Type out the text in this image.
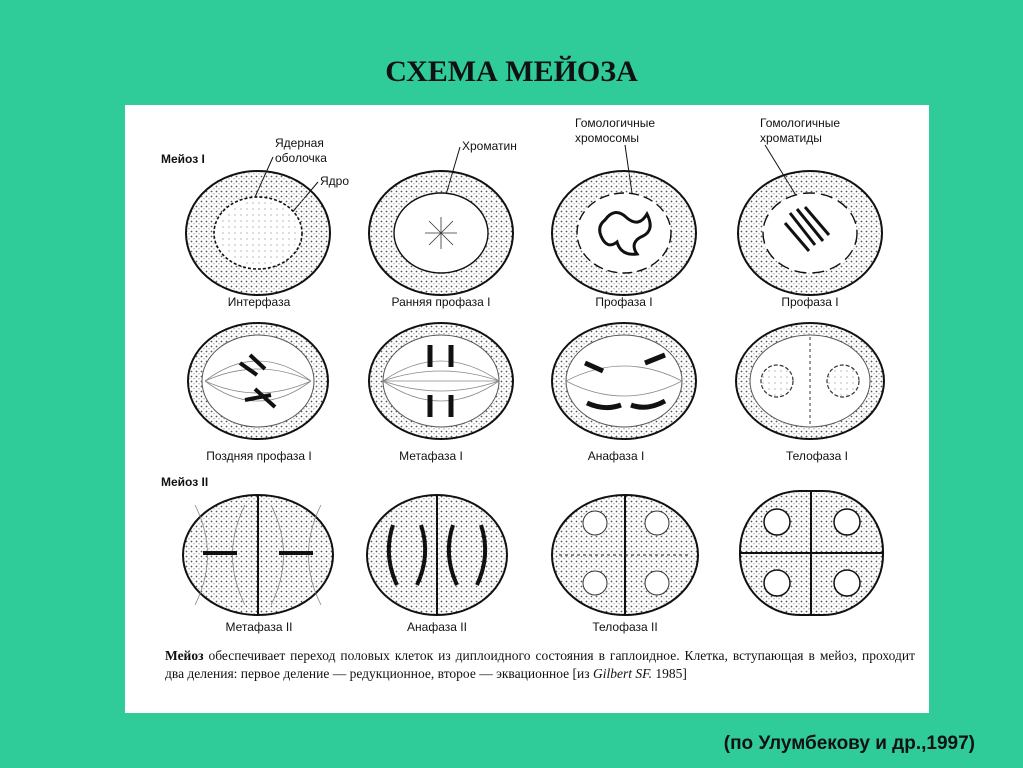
СХЕМА МЕЙОЗА
Мейоз I
Мейоз II
Ядерная
оболочка
Ядро
Хроматин
Гомологичные
хромосомы
Гомологичные
хроматиды
Интерфаза	Ранняя профаза I	Профаза I	Профаза I
Поздняя профаза I	Метафаза I	Анафаза I	Телофаза I
Метафаза II	Анафаза II	Телофаза II
Мейоз обеспечивает переход половых клеток из диплоидного состояния в гаплоидное. Клетка, вступающая в мейоз, проходит два деления: первое деление — редукционное, второе — эквационное [из Gilbert SF. 1985]
(по Улумбекову и др.,1997)
